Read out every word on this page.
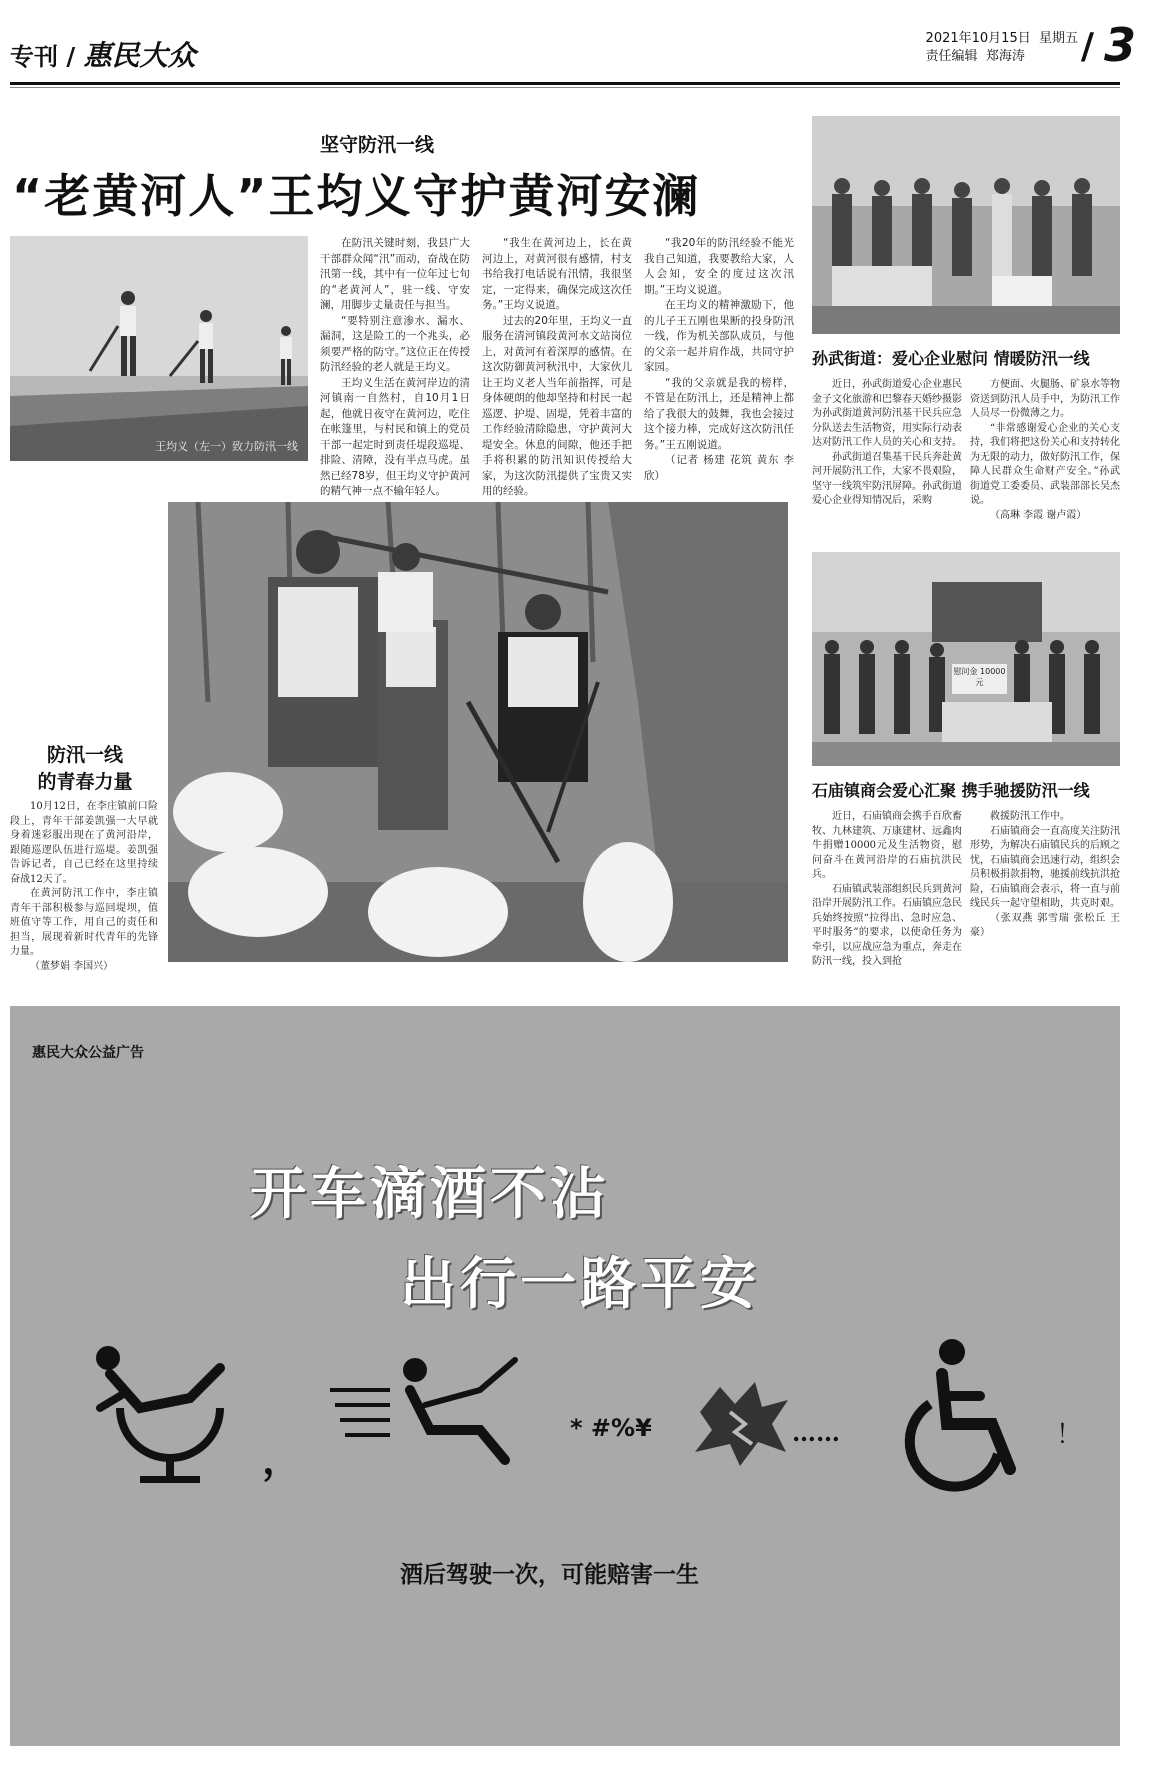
专刊 / 惠民大众
2021年10月15日 星期五
责任编辑 郑海涛	/ 3
坚守防汛一线
“老黄河人”王均义守护黄河安澜
王均义（左一）致力防汛一线

在防汛关键时刻，我县广大干部群众闻“汛”而动，奋战在防汛第一线，其中有一位年过七旬的“老黄河人”，驻一线、守安澜，用脚步丈量责任与担当。

“要特别注意渗水、漏水、漏洞，这是险工的一个兆头，必须要严格的防守。”这位正在传授防汛经验的老人就是王均义。

王均义生活在黄河岸边的清河镇南一自然村，自10月1日起，他就日夜守在黄河边，吃住在帐篷里，与村民和镇上的党员干部一起定时到责任堤段巡堤、排险、清障，没有半点马虎。虽然已经78岁，但王均义守护黄河的精气神一点不输年轻人。

“我生在黄河边上，长在黄河边上，对黄河很有感情，村支书给我打电话说有汛情，我很坚定，一定得来，确保完成这次任务。”王均义说道。

过去的20年里，王均义一直服务在清河镇段黄河水文站岗位上，对黄河有着深厚的感情。在这次防御黄河秋汛中，大家伙儿让王均义老人当年前指挥，可是身体硬朗的他却坚持和村民一起巡逻、护堤、固堤，凭着丰富的工作经验清除隐患，守护黄河大堤安全。休息的间隙，他还手把手将积累的防汛知识传授给大家，为这次防汛提供了宝贵又实用的经验。

“我20年的防汛经验不能光我自己知道，我要教给大家，人人会知，安全的度过这次汛期。”王均义说道。

在王均义的精神激励下，他的儿子王五刚也果断的投身防汛一线，作为机关部队成员，与他的父亲一起并肩作战，共同守护家园。

“我的父亲就是我的榜样，不管是在防汛上，还是精神上都给了我很大的鼓舞，我也会接过这个接力棒，完成好这次防汛任务。”王五刚说道。

（记者 杨建 花筑 黄东 李欣）

孙武街道：爱心企业慰问 情暖防汛一线

近日，孙武街道爱心企业惠民金子文化旅游和巴黎春天婚纱摄影为孙武街道黄河防汛基干民兵应急分队送去生活物资，用实际行动表达对防汛工作人员的关心和支持。

孙武街道召集基干民兵奔赴黄河开展防汛工作，大家不畏艰险，坚守一线筑牢防汛屏障。孙武街道爱心企业得知情况后，采购

方便面、火腿肠、矿泉水等物资送到防汛人员手中，为防汛工作人员尽一份微薄之力。

“非常感谢爱心企业的关心支持，我们将把这份关心和支持转化为无限的动力，做好防汛工作，保障人民群众生命财产安全。”孙武街道党工委委员、武装部部长吴杰说。

（高琳 李霞 谢卢霞）

防汛一线
的青春力量

10月12日，在李庄镇前口险段上，青年干部姜凯强一大早就身着迷彩服出现在了黄河沿岸，跟随巡逻队伍进行巡堤。姜凯强告诉记者，自己已经在这里持续奋战12天了。

在黄河防汛工作中，李庄镇青年干部积极参与巡回堤坝，值班值守等工作，用自己的责任和担当，展现着新时代青年的先锋力量。

（董梦娟 李国兴）

慰问金 10000元
石庙镇商会爱心汇聚 携手驰援防汛一线

近日，石庙镇商会携手百欣畜牧、九林建筑、万康建材、远鑫肉牛捐赠10000元及生活物资，慰问奋斗在黄河沿岸的石庙抗洪民兵。

石庙镇武装部组织民兵到黄河沿岸开展防汛工作。石庙镇应急民兵始终按照“拉得出、急时应急、平时服务”的要求，以使命任务为牵引，以应战应急为重点，奔走在防汛一线，投入到抢

救援防汛工作中。

石庙镇商会一直高度关注防汛形势，为解决石庙镇民兵的后顾之忧，石庙镇商会迅速行动，组织会员积极捐款捐物，驰援前线抗洪抢险，石庙镇商会表示，将一直与前线民兵一起守望相助，共克时艰。

（张双燕 郭雪瑞 张松丘 王豪）

惠民大众公益广告
开车滴酒不沾
出行一路平安
，
* #%¥	……	！
酒后驾驶一次，可能赔害一生
